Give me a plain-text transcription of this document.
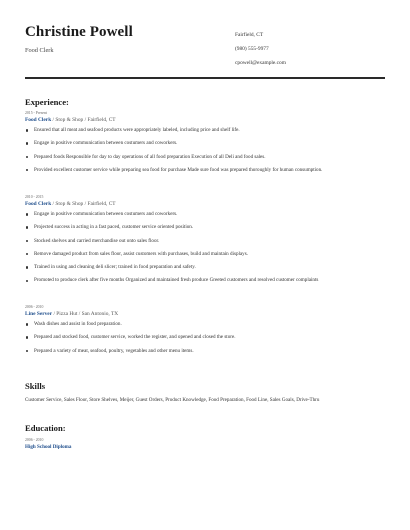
Christine Powell
Food Clerk
Fairfield, CT
(980) 555-9977
cpowell@example.com
Experience:
2015 - Present
Food Clerk / Stop & Shop / Fairfield, CT
Ensured that all meat and seafood products were appropriately labeled, including price and shelf life.
Engage in positive communication between costumers and coworkers.
Prepared foods Responsible for day to day operations of all food preparation Execution of all Deli and food sales.
Provided excellent customer service while preparing sea food for purchase Made sure food was prepared thoroughly for human consumption.
2010 - 2015
Food Clerk / Stop & Shop / Fairfield, CT
Engage in positive communication between costumers and coworkers.
Projected success in acting in a fast paced, customer service oriented position.
Stocked shelves and carried merchandise out onto sales floor.
Remove damaged product from sales floor, assist customers with purchases, build and maintain displays.
Trained in using and cleaning deli slicer; trained in food preparation and safety.
Promoted to produce clerk after five months Organized and maintained fresh produce Greeted customers and resolved customer complaints
2006 - 2010
Line Server / Pizza Hut / San Antonio, TX
Wash dishes and assist in food preparation.
Prepared and stocked food, customer service, worked the register, and opened and closed the store.
Prepared a variety of meat, seafood, poultry, vegetables and other menu items.
Skills
Customer Service, Sales Floor, Store Shelves, Meijer, Guest Orders, Product Knowledge, Food Preparation, Food Line, Sales Goals, Drive-Thru
Education:
2006 - 2010
High School Diploma
